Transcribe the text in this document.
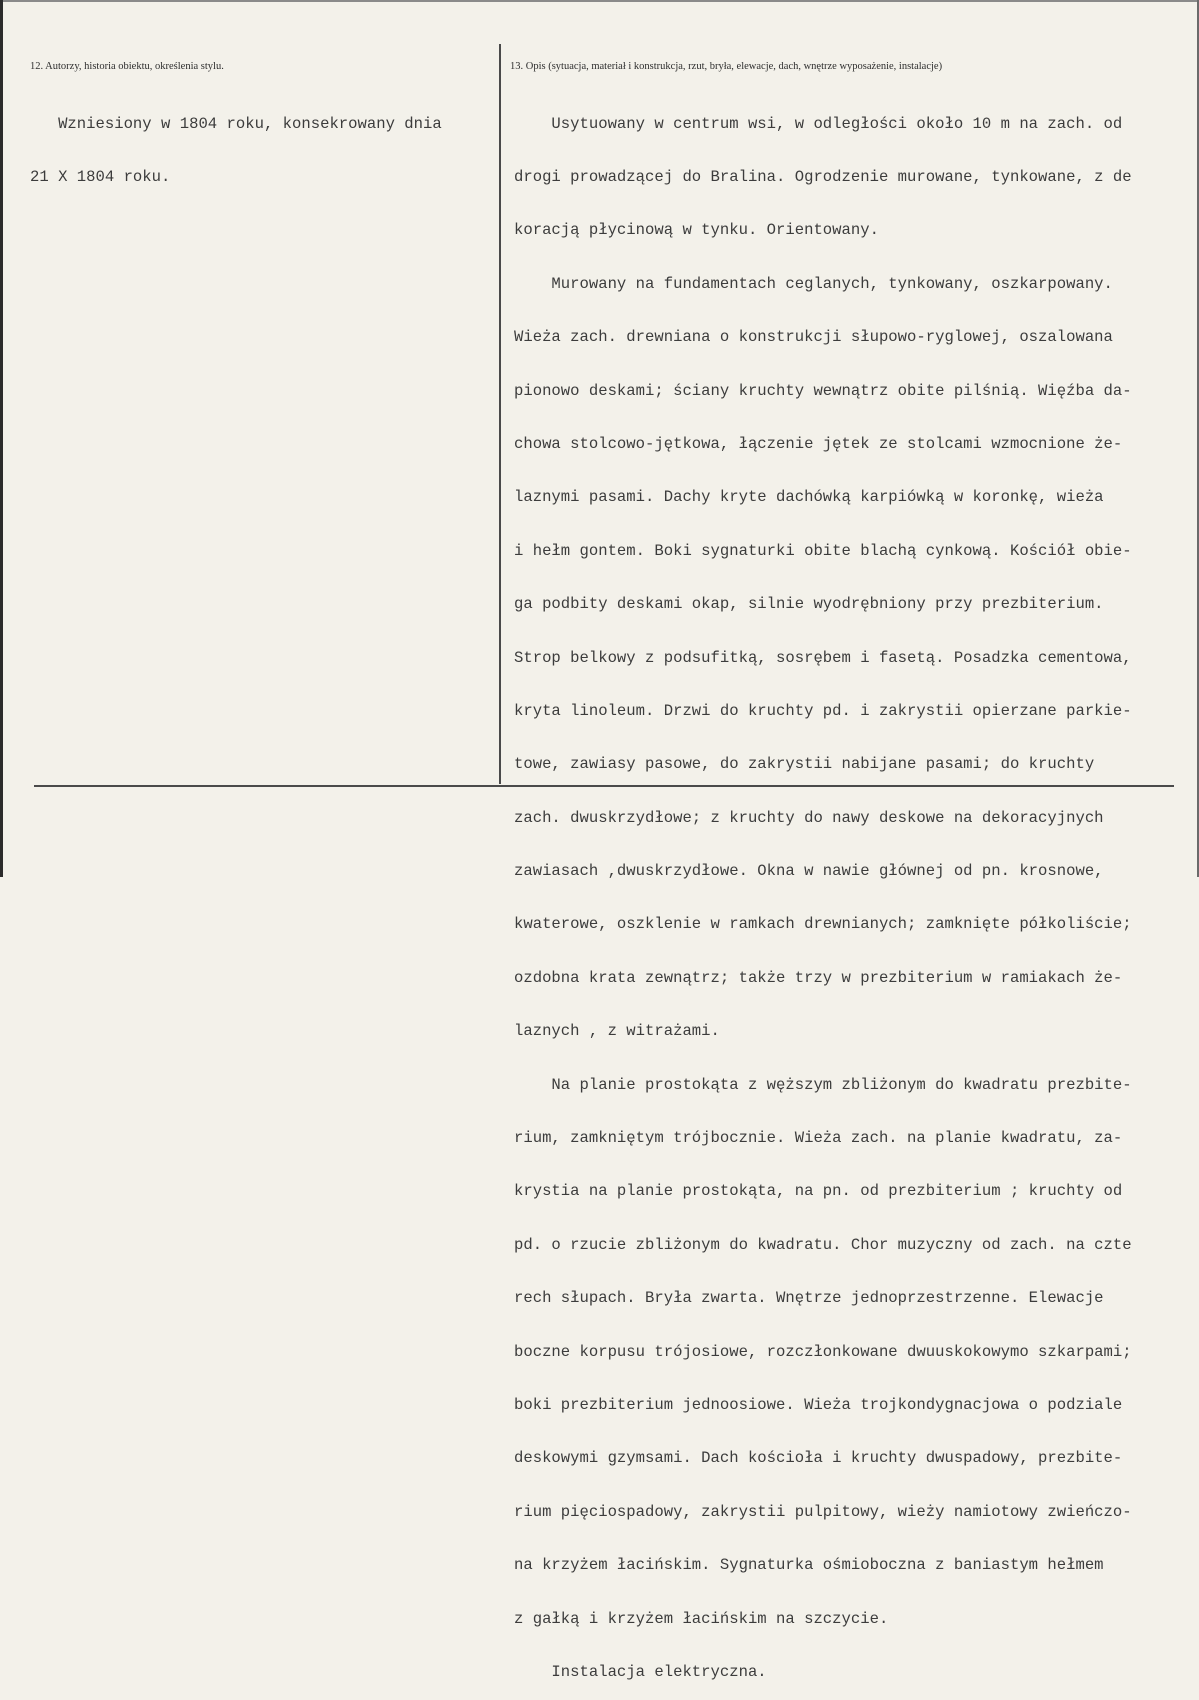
12. Autorzy, historia obiektu, określenia stylu.	13. Opis (sytuacja, materiał i konstrukcja, rzut, bryła, elewacje, dach, wnętrze wyposażenie, instalacje)

Wzniesiony w 1804 roku, konsekrowany dnia

21 X 1804 roku.

Usytuowany w centrum wsi, w odległości około 10 m na zach. od

drogi prowadzącej do Bralina. Ogrodzenie murowane, tynkowane, z de

koracją płycinową w tynku. Orientowany.

Murowany na fundamentach ceglanych, tynkowany, oszkarpowany.

Wieża zach. drewniana o konstrukcji słupowo-ryglowej, oszalowana

pionowo deskami; ściany kruchty wewnątrz obite pilśnią. Więźba da-

chowa stolcowo-jętkowa, łączenie jętek ze stolcami wzmocnione że-

laznymi pasami. Dachy kryte dachówką karpiówką w koronkę, wieża

i hełm gontem. Boki sygnaturki obite blachą cynkową. Kościół obie-

ga podbity deskami okap, silnie wyodrębniony przy prezbiterium.

Strop belkowy z podsufitką, sosrębem i fasetą. Posadzka cementowa,

kryta linoleum. Drzwi do kruchty pd. i zakrystii opierzane parkie-

towe, zawiasy pasowe, do zakrystii nabijane pasami; do kruchty

zach. dwuskrzydłowe; z kruchty do nawy deskowe na dekoracyjnych

zawiasach ,dwuskrzydłowe. Okna w nawie głównej od pn. krosnowe,

kwaterowe, oszklenie w ramkach drewnianych; zamknięte półkoliście;

ozdobna krata zewnątrz; także trzy w prezbiterium w ramiakach że-

laznych , z witrażami.

Na planie prostokąta z węższym zbliżonym do kwadratu prezbite-

rium, zamkniętym trójbocznie. Wieża zach. na planie kwadratu, za-

krystia na planie prostokąta, na pn. od prezbiterium ; kruchty od

pd. o rzucie zbliżonym do kwadratu. Chor muzyczny od zach. na czte

rech słupach. Bryła zwarta. Wnętrze jednoprzestrzenne. Elewacje

boczne korpusu trójosiowe, rozczłonkowane dwuuskokowymo szkarpami;

boki prezbiterium jednoosiowe. Wieża trojkondygnacjowa o podziale

deskowymi gzymsami. Dach kościoła i kruchty dwuspadowy, prezbite-

rium pięciospadowy, zakrystii pulpitowy, wieży namiotowy zwieńczo-

na krzyżem łacińskim. Sygnaturka ośmioboczna z baniastym hełmem

z gałką i krzyżem łacińskim na szczycie.

Instalacja elektryczna.
